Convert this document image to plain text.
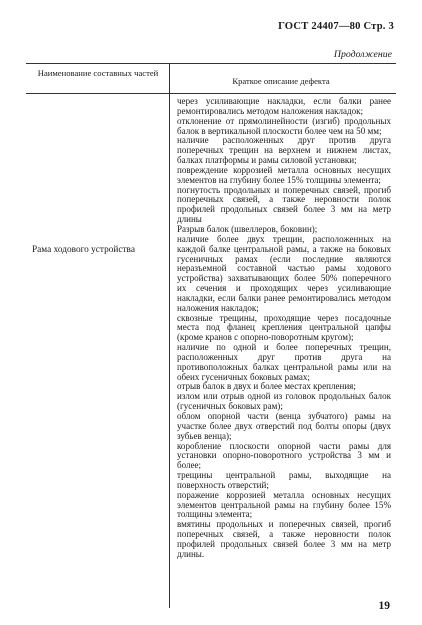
ГОСТ 24407—80 Стр. 3
Продолжение
Наименование составных частей
Краткое описание дефекта
Рама ходового устройства

через усиливающие накладки, если балки ранее ремонтировались методом наложения накладок;

отклонение от прямолинейности (изгиб) продольных балок в вертикальной плоскости более чем на 50 мм;

наличие расположенных друг против друга поперечных трещин на верхнем и нижнем листах, балках платформы и рамы силовой установки;

повреждение коррозией металла основных несущих элементов на глубину более 15% толщины элемента;

погнутость продольных и поперечных связей, прогиб поперечных связей, а также неровности полок профилей продольных связей более 3 мм на метр длины

Разрыв балок (швеллеров, боковин);

наличие более двух трещин, расположенных на каждой балке центральной рамы, а также на боковых гусеничных рамах (если последние являются неразъемной составной частью рамы ходового устройства) захватывающих более 50% поперечного их сечения и проходящих через усиливающие накладки, если балки ранее ремонтировались методом наложения накладок;

сквозные трещины, проходящие через посадочные места под фланец крепления центральной цапфы (кроме кранов с опорно-поворотным кругом);

наличие по одной и более поперечных трещин, расположенных друг против друга на противоположных балках центральной рамы или на обеих гусеничных боковых рамах;

отрыв балок в двух и более местах крепления;

излом или отрыв одной из головок продольных балок (гусеничных боковых рам);

облом опорной части (венца зубчатого) рамы на участке более двух отверстий под болты опоры (двух зубьев венца);

коробление плоскости опорной части рамы для установки опорно-поворотного устройства 3 мм и более;

трещины центральной рамы, выходящие на поверхность отверстий;

поражение коррозией металла основных несущих элементов центральной рамы на глубину более 15% толщины элемента;

вмятины продольных и поперечных связей, прогиб поперечных связей, а также неровности полок профилей продольных связей более 3 мм на метр длины.

19
